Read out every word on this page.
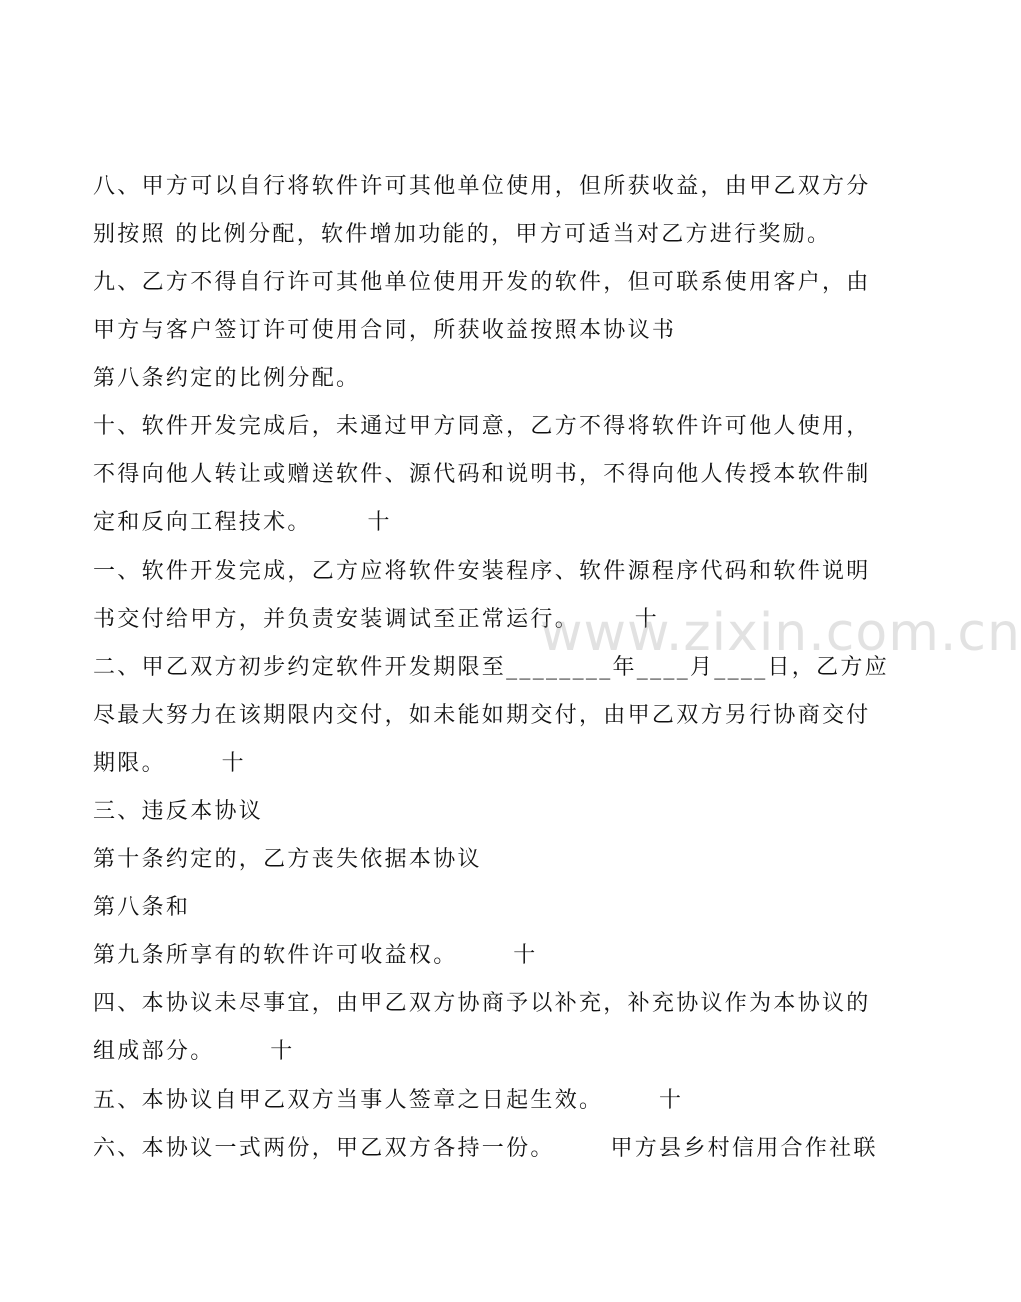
八、甲方可以自行将软件许可其他单位使用，但所获收益，由甲乙双方分
别按照 的比例分配，软件增加功能的，甲方可适当对乙方进行奖励。
九、乙方不得自行许可其他单位使用开发的软件，但可联系使用客户，由
甲方与客户签订许可使用合同，所获收益按照本协议书
第八条约定的比例分配。
十、软件开发完成后，未通过甲方同意，乙方不得将软件许可他人使用，
不得向他人转让或赠送软件、源代码和说明书，不得向他人传授本软件制
定和反向工程技术。      十
一、软件开发完成，乙方应将软件安装程序、软件源程序代码和软件说明
书交付给甲方，并负责安装调试至正常运行。      十
二、甲乙双方初步约定软件开发期限至________年____月____日，乙方应
尽最大努力在该期限内交付，如未能如期交付，由甲乙双方另行协商交付
期限。      十
三、违反本协议
第十条约定的，乙方丧失依据本协议
第八条和
第九条所享有的软件许可收益权。      十
四、本协议未尽事宜，由甲乙双方协商予以补充，补充协议作为本协议的
组成部分。      十
五、本协议自甲乙双方当事人签章之日起生效。      十
六、本协议一式两份，甲乙双方各持一份。      甲方县乡村信用合作社联
www.zixin.com.cn
